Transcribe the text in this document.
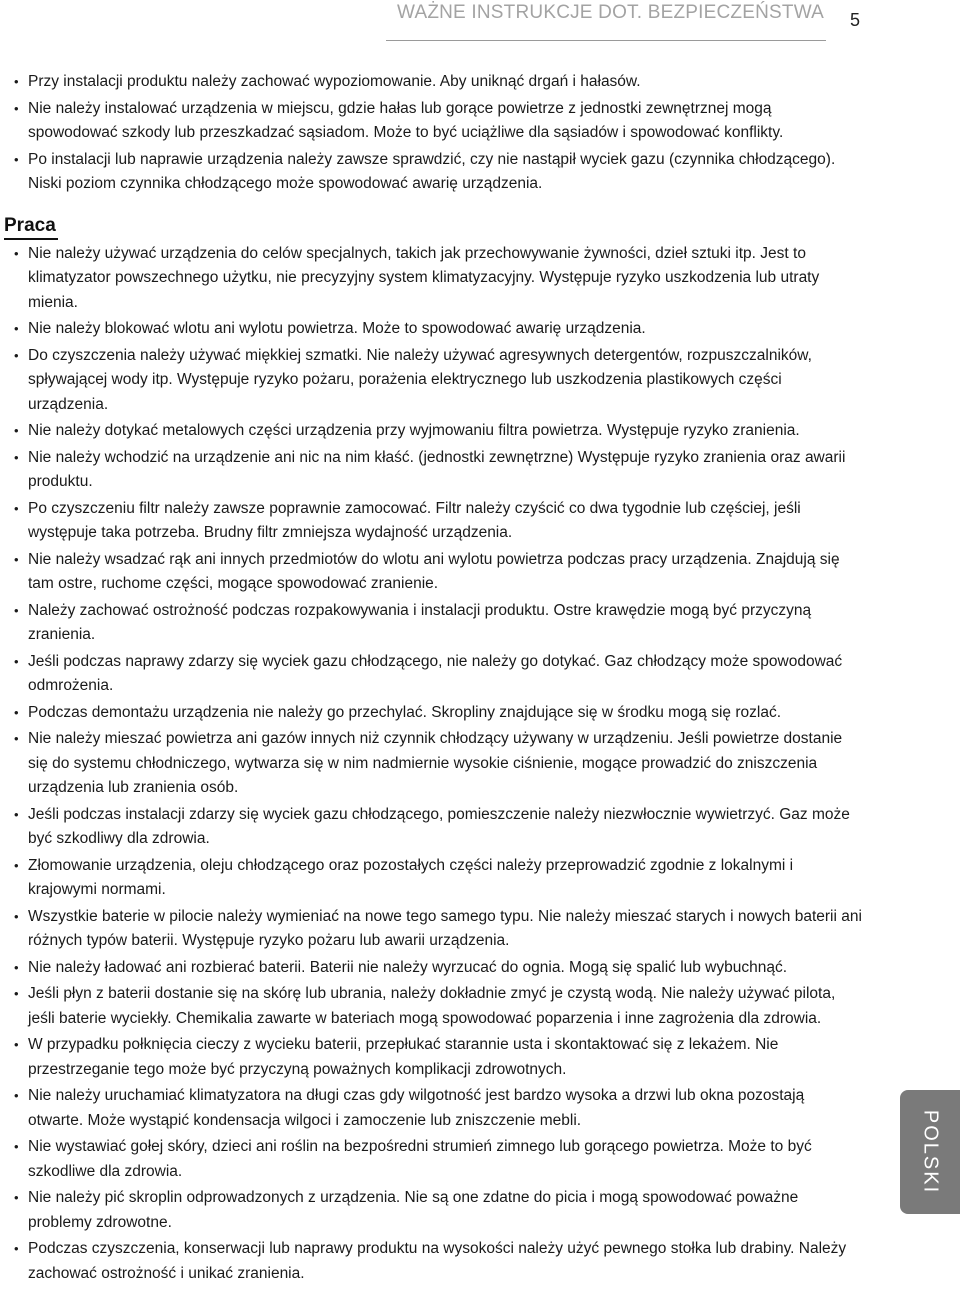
WAŻNE INSTRUKCJE DOT. BEZPIECZEŃSTWA 5
• Przy instalacji produktu należy zachować wypoziomowanie. Aby uniknąć drgań i hałasów.
• Nie należy instalować urządzenia w miejscu, gdzie hałas lub gorące powietrze z jednostki zewnętrznej mogą spowodować szkody lub przeszkadzać sąsiadom. Może to być uciążliwe dla sąsiadów i spowodować konflikty.
• Po instalacji lub naprawie urządzenia należy zawsze sprawdzić, czy nie nastąpił wyciek gazu (czynnika chłodzącego). Niski poziom czynnika chłodzącego może spowodować awarię urządzenia.
Praca
• Nie należy używać urządzenia do celów specjalnych, takich jak przechowywanie żywności, dzieł sztuki itp. Jest to klimatyzator powszechnego użytku, nie precyzyjny system klimatyzacyjny. Występuje ryzyko uszkodzenia lub utraty mienia.
• Nie należy blokować wlotu ani wylotu powietrza. Może to spowodować awarię urządzenia.
• Do czyszczenia należy używać miękkiej szmatki. Nie należy używać agresywnych detergentów, rozpuszczalników, spływającej wody itp. Występuje ryzyko pożaru, porażenia elektrycznego lub uszkodzenia plastikowych części urządzenia.
• Nie należy dotykać metalowych części urządzenia przy wyjmowaniu filtra powietrza. Występuje ryzyko zranienia.
• Nie należy wchodzić na urządzenie ani nic na nim kłaść. (jednostki zewnętrzne) Występuje ryzyko zranienia oraz awarii produktu.
• Po czyszczeniu filtr należy zawsze poprawnie zamocować. Filtr należy czyścić co dwa tygodnie lub częściej, jeśli występuje taka potrzeba. Brudny filtr zmniejsza wydajność urządzenia.
• Nie należy wsadzać rąk ani innych przedmiotów do wlotu ani wylotu powietrza podczas pracy urządzenia. Znajdują się tam ostre, ruchome części, mogące spowodować zranienie.
• Należy zachować ostrożność podczas rozpakowywania i instalacji produktu. Ostre krawędzie mogą być przyczyną zranienia.
• Jeśli podczas naprawy zdarzy się wyciek gazu chłodzącego, nie należy go dotykać. Gaz chłodzący może spowodować odmrożenia.
• Podczas demontażu urządzenia nie należy go przechylać. Skropliny znajdujące się w środku mogą się rozlać.
• Nie należy mieszać powietrza ani gazów innych niż czynnik chłodzący używany w urządzeniu. Jeśli powietrze dostanie się do systemu chłodniczego, wytwarza się w nim nadmiernie wysokie ciśnienie, mogące prowadzić do zniszczenia urządzenia lub zranienia osób.
• Jeśli podczas instalacji zdarzy się wyciek gazu chłodzącego, pomieszczenie należy niezwłocznie wywietrzyć. Gaz może być szkodliwy dla zdrowia.
• Złomowanie urządzenia, oleju chłodzącego oraz pozostałych części należy przeprowadzić zgodnie z lokalnymi i krajowymi normami.
• Wszystkie baterie w pilocie należy wymieniać na nowe tego samego typu. Nie należy mieszać starych i nowych baterii ani różnych typów baterii. Występuje ryzyko pożaru lub awarii urządzenia.
• Nie należy ładować ani rozbierać baterii. Baterii nie należy wyrzucać do ognia. Mogą się spalić lub wybuchnąć.
• Jeśli płyn z baterii dostanie się na skórę lub ubrania, należy dokładnie zmyć je czystą wodą. Nie należy używać pilota, jeśli baterie wyciekły. Chemikalia zawarte w bateriach mogą spowodować poparzenia i inne zagrożenia dla zdrowia.
• W przypadku połknięcia cieczy z wycieku baterii, przepłukać starannie usta i skontaktować się z lekażem. Nie przestrzeganie tego może być przyczyną poważnych komplikacji zdrowotnych.
• Nie należy uruchamiać klimatyzatora na długi czas gdy wilgotność jest bardzo wysoka a drzwi lub okna pozostają otwarte. Może wystąpić kondensacja wilgoci i zamoczenie lub zniszczenie mebli.
• Nie wystawiać gołej skóry, dzieci ani roślin na bezpośredni strumień zimnego lub gorącego powietrza. Może to być szkodliwe dla zdrowia.
• Nie należy pić skroplin odprowadzonych z urządzenia. Nie są one zdatne do picia i mogą spowodować poważne problemy zdrowotne.
• Podczas czyszczenia, konserwacji lub naprawy produktu na wysokości należy użyć pewnego stołka lub drabiny. Należy zachować ostrożność i unikać zranienia.
POLSKI
